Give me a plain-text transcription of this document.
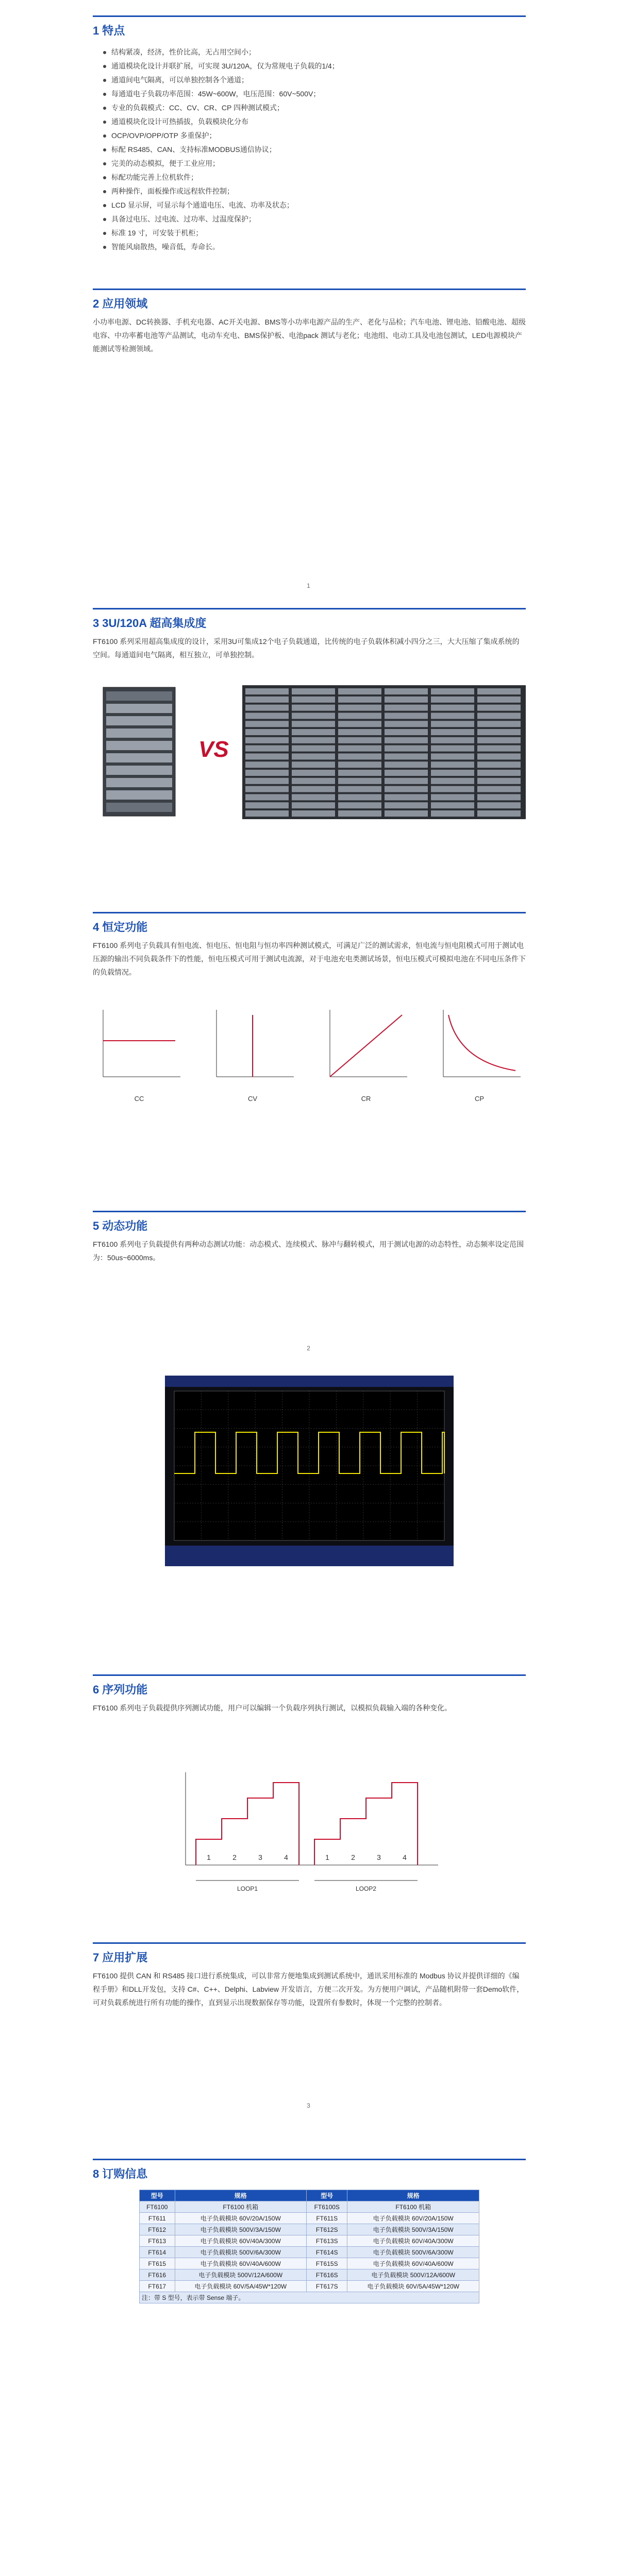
1 特点
结构紧凑，经济，性价比高，无占用空间小；
通道模块化设计并联扩展，可实现 3U/120A，仅为常规电子负载的1/4；
通道间电气隔离，可以单独控制各个通道；
每通道电子负载功率范围：45W~600W，电压范围：60V~500V；
专业的负载模式：CC、CV、CR、CP 四种测试模式；
通道模块化设计可热插拔，负载模块化分布
OCP/OVP/OPP/OTP 多重保护；
标配 RS485、CAN、支持标准MODBUS通信协议；
完美的动态模拟，便于工业应用；
标配功能完善上位机软件；
两种操作，面板操作或远程软件控制；
LCD 显示屏，可显示每个通道电压、电流、功率及状态；
具备过电压、过电流、过功率、过温度保护；
标准 19 寸，可安装于机柜；
智能风扇散热，噪音低，寿命长。
2 应用领域

小功率电源、DC转换器、手机充电器、AC开关电源、BMS等小功率电源产品的生产、老化与品检；汽车电池、锂电池、铅酸电池、超级电容、中功率蓄电池等产品测试，电动车充电、BMS保护板、电池pack 测试与老化；电池组、电动工具及电池包测试，LED电源模块产能测试等检测领域。

1
3 3U/120A 超高集成度

FT6100 系列采用超高集成度的设计，采用3U可集成12个电子负载通道，比传统的电子负载体积减小四分之三，大大压缩了集成系统的空间。每通道间电气隔离，相互独立，可单独控制。

VS
4 恒定功能

FT6100 系列电子负载具有恒电流、恒电压、恒电阻与恒功率四种测试模式，可满足广泛的测试需求，恒电流与恒电阻模式可用于测试电压源的输出不同负载条件下的性能，恒电压模式可用于测试电流源，对于电池充电类测试场景，恒电压模式可模拟电池在不同电压条件下的负载情况。

CC	CV	CR	CP
5 动态功能

FT6100 系列电子负载提供有两种动态测试功能：动态模式、连续模式、脉冲与翻转模式，用于测试电源的动态特性，动态频率设定范围为：50us~6000ms。

2
6 序列功能

FT6100 系列电子负载提供序列测试功能，用户可以编辑一个负载序列执行测试，以模拟负载输入端的各种变化。

1	2	3	4	1	2	3	4
LOOP1	LOOP2
7 应用扩展

FT6100 提供 CAN 和 RS485 接口进行系统集成，可以非常方便地集成到测试系统中，通讯采用标准的 Modbus 协议并提供详细的《编程手册》和DLL开发包，支持 C#、C++、Delphi、Labview 开发语言，方便二次开发。为方便用户调试，产品随机附带一套Demo软件，可对负载系统进行所有功能的操作，直到显示出现数据保存等功能，设置所有参数时，体现一个完整的控制者。

3
8 订购信息
型号	规格	型号	规格
FT6100	FT6100 机箱	FT6100S	FT6100 机箱
FT611	电子负载模块 60V/20A/150W	FT611S	电子负载模块 60V/20A/150W
FT612	电子负载模块 500V/3A/150W	FT612S	电子负载模块 500V/3A/150W
FT613	电子负载模块 60V/40A/300W	FT613S	电子负载模块 60V/40A/300W
FT614	电子负载模块 500V/6A/300W	FT614S	电子负载模块 500V/6A/300W
FT615	电子负载模块 60V/40A/600W	FT615S	电子负载模块 60V/40A/600W
FT616	电子负载模块 500V/12A/600W	FT616S	电子负载模块 500V/12A/600W
FT617	电子负载模块 60V/5A/45W*120W	FT617S	电子负载模块 60V/5A/45W*120W
注：带 S 型号，表示带 Sense 端子。			
